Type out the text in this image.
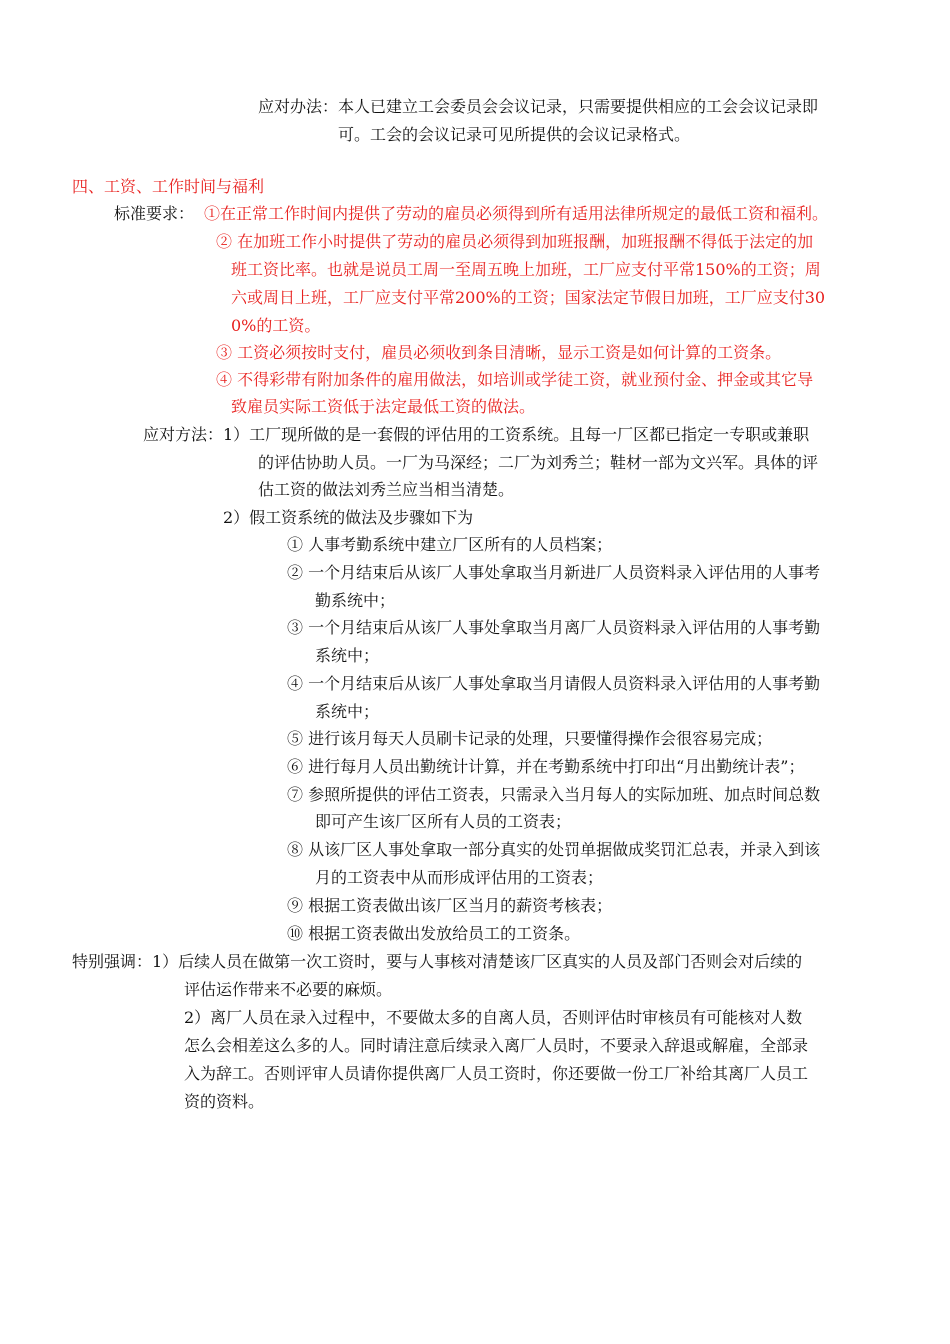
应对办法： 本人已建立工会委员会会议记录，只需要提供相应的工会会议记录即
可。工会的会议记录可见所提供的会议记录格式。
四、工资、工作时间与福利
标准要求： ①在正常工作时间内提供了劳动的雇员必须得到所有适用法律所规定的最低工资和福利。
② 在加班工作小时提供了劳动的雇员必须得到加班报酬，加班报酬不得低于法定的加
班工资比率。也就是说员工周一至周五晚上加班，工厂应支付平常150%的工资；周
六或周日上班，工厂应支付平常200%的工资；国家法定节假日加班，工厂应支付30
0%的工资。
③ 工资必须按时支付，雇员必须收到条目清晰，显示工资是如何计算的工资条。
④ 不得彩带有附加条件的雇用做法，如培训或学徒工资，就业预付金、押金或其它导
致雇员实际工资低于法定最低工资的做法。
应对方法： 1）工厂现所做的是一套假的评估用的工资系统。且每一厂区都已指定一专职或兼职
的评估协助人员。一厂为马深经；二厂为刘秀兰；鞋材一部为文兴军。具体的评
估工资的做法刘秀兰应当相当清楚。
2）假工资系统的做法及步骤如下为
① 人事考勤系统中建立厂区所有的人员档案；
② 一个月结束后从该厂人事处拿取当月新进厂人员资料录入评估用的人事考
勤系统中；
③ 一个月结束后从该厂人事处拿取当月离厂人员资料录入评估用的人事考勤
系统中；
④ 一个月结束后从该厂人事处拿取当月请假人员资料录入评估用的人事考勤
系统中；
⑤ 进行该月每天人员刷卡记录的处理，只要懂得操作会很容易完成；
⑥ 进行每月人员出勤统计计算，并在考勤系统中打印出“月出勤统计表”；
⑦ 参照所提供的评估工资表，只需录入当月每人的实际加班、加点时间总数
即可产生该厂区所有人员的工资表；
⑧ 从该厂区人事处拿取一部分真实的处罚单据做成奖罚汇总表，并录入到该
月的工资表中从而形成评估用的工资表；
⑨ 根据工资表做出该厂区当月的薪资考核表；
⑩ 根据工资表做出发放给员工的工资条。
特别强调： 1）后续人员在做第一次工资时，要与人事核对清楚该厂区真实的人员及部门否则会对后续的
评估运作带来不必要的麻烦。
2）离厂人员在录入过程中，不要做太多的自离人员，否则评估时审核员有可能核对人数
怎么会相差这么多的人。同时请注意后续录入离厂人员时，不要录入辞退或解雇，全部录
入为辞工。否则评审人员请你提供离厂人员工资时，你还要做一份工厂补给其离厂人员工
资的资料。
